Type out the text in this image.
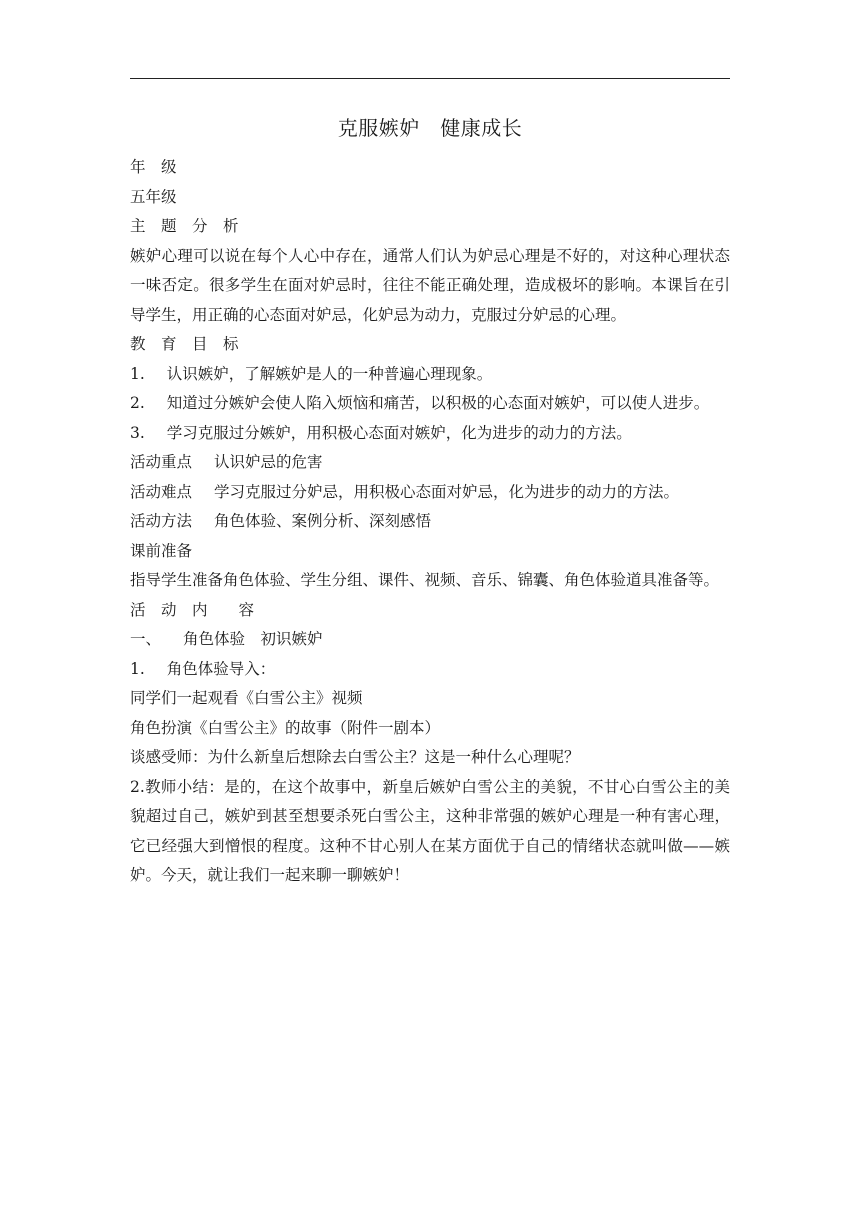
克服嫉妒　健康成长

年　级

五年级

主　题　分　析

嫉妒心理可以说在每个人心中存在，通常人们认为妒忌心理是不好的，对这种心理状态一味否定。很多学生在面对妒忌时，往往不能正确处理，造成极坏的影响。本课旨在引导学生，用正确的心态面对妒忌，化妒忌为动力，克服过分妒忌的心理。

教　育　目　标

1. 认识嫉妒，了解嫉妒是人的一种普遍心理现象。

2. 知道过分嫉妒会使人陷入烦恼和痛苦，以积极的心态面对嫉妒，可以使人进步。

3. 学习克服过分嫉妒，用积极心态面对嫉妒，化为进步的动力的方法。

活动重点 认识妒忌的危害

活动难点 学习克服过分妒忌，用积极心态面对妒忌，化为进步的动力的方法。

活动方法 角色体验、案例分析、深刻感悟

课前准备

指导学生准备角色体验、学生分组、课件、视频、音乐、锦囊、角色体验道具准备等。

活　动　内　　容

一、 角色体验　初识嫉妒

1. 角色体验导入：

同学们一起观看《白雪公主》视频

角色扮演《白雪公主》的故事（附件一剧本）

谈感受师：为什么新皇后想除去白雪公主？这是一种什么心理呢？

2.教师小结：是的，在这个故事中，新皇后嫉妒白雪公主的美貌，不甘心白雪公主的美貌超过自己，嫉妒到甚至想要杀死白雪公主，这种非常强的嫉妒心理是一种有害心理，它已经强大到憎恨的程度。这种不甘心别人在某方面优于自己的情绪状态就叫做——嫉妒。今天，就让我们一起来聊一聊嫉妒！
